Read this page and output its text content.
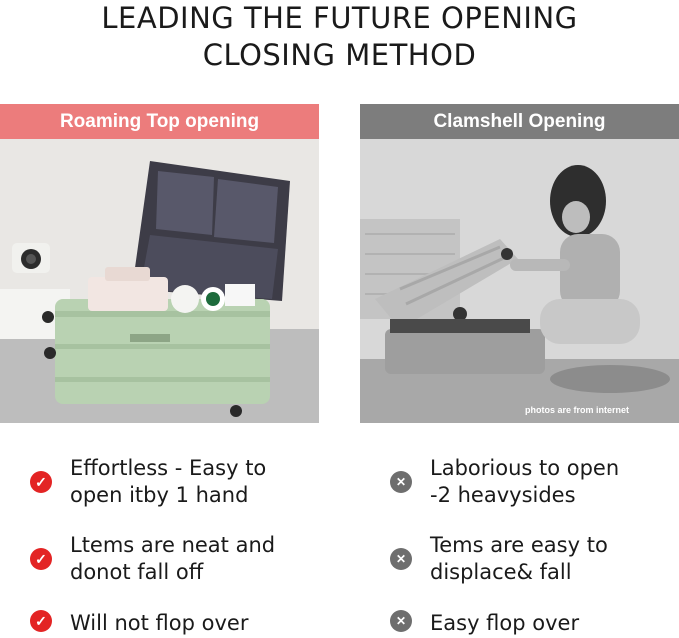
LEADING THE FUTURE OPENING
CLOSING METHOD
Roaming Top opening	Clamshell Opening
photos are from internet
✓
Effortless - Easy to
open itby 1 hand
✓
Ltems are neat and
donot fall off
✓ Will not flop over
✕
Laborious to open
-2 heavysides
✕
Tems are easy to
displace& fall
✕ Easy flop over
